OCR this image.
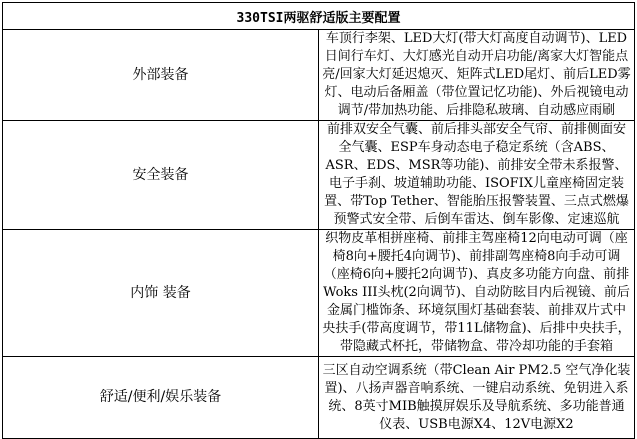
330TSI两驱舒适版主要配置	
外部装备	车顶行李架、LED大灯(带大灯高度自动调节)、LED日间行车灯、大灯感光自动开启功能/离家大灯智能点亮/回家大灯延迟熄灭、矩阵式LED尾灯、前后LED雾灯、电动后备厢盖（带位置记忆功能)、外后视镜电动调节/带加热功能、后排隐私玻璃、自动感应雨刷
安全装备	前排双安全气囊、前后排头部安全气帘、前排侧面安全气囊、ESP车身动态电子稳定系统（含ABS、ASR、EDS、MSR等功能)、前排安全带未系报警、电子手刹、坡道辅助功能、ISOFIX儿童座椅固定装置、带Top Tether、智能胎压报警装置、三点式燃爆预警式安全带、后倒车雷达、倒车影像、定速巡航
内饰 装备	织物皮革相拼座椅、前排主驾座椅12向电动可调（座椅8向+腰托4向调节)、前排副驾座椅8向手动可调（座椅6向+腰托2向调节)、真皮多功能方向盘、前排Woks III头枕(2向调节)、自动防眩目内后视镜、前后金属门槛饰条、环境氛围灯基础套装、前排双片式中央扶手(带高度调节，带11L储物盒)、后排中央扶手，带隐藏式杯托，带储物盒、带冷却功能的手套箱
舒适/便利/娱乐装备	三区自动空调系统（带Clean Air PM2.5 空气净化装置)、八扬声器音响系统、一键启动系统、免钥进入系统、8英寸MIB触摸屏娱乐及导航系统、多功能普通仪表、USB电源X4、12V电源X2
